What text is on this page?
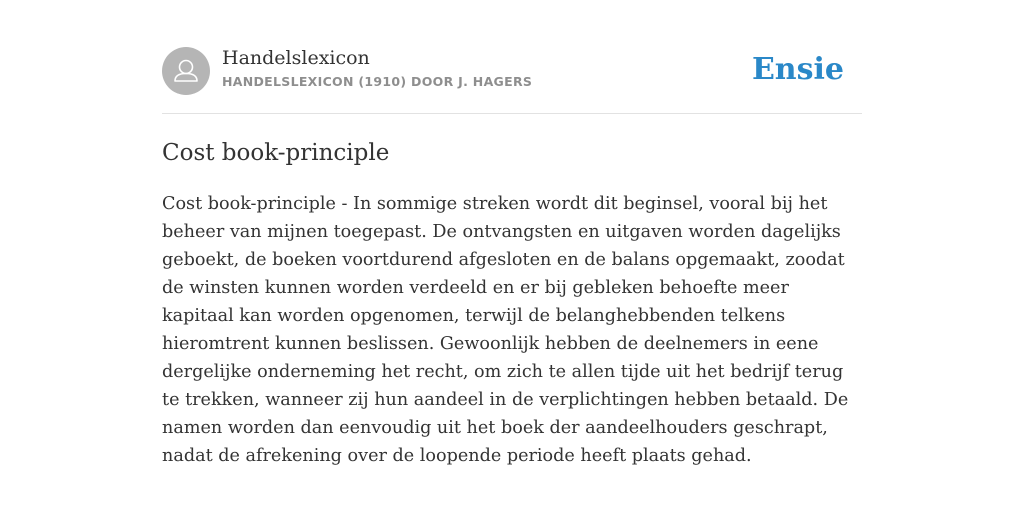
Handelslexicon
HANDELSLEXICON (1910) DOOR J. HAGERS	Ensie
Cost book-principle

Cost book-principle - In sommige streken wordt dit beginsel, vooral bij het beheer van mijnen toegepast. De ontvangsten en uitgaven worden dagelijks geboekt, de boeken voortdurend afgesloten en de balans opgemaakt, zoodat de winsten kunnen worden verdeeld en er bij gebleken behoefte meer kapitaal kan worden opgenomen, terwijl de belanghebbenden telkens hieromtrent kunnen beslissen. Gewoonlijk hebben de deelnemers in eene dergelijke onderneming het recht, om zich te allen tijde uit het bedrijf terug te trekken, wanneer zij hun aandeel in de verplichtingen hebben betaald. De namen worden dan eenvoudig uit het boek der aandeelhouders geschrapt, nadat de afrekening over de loopende periode heeft plaats gehad.
